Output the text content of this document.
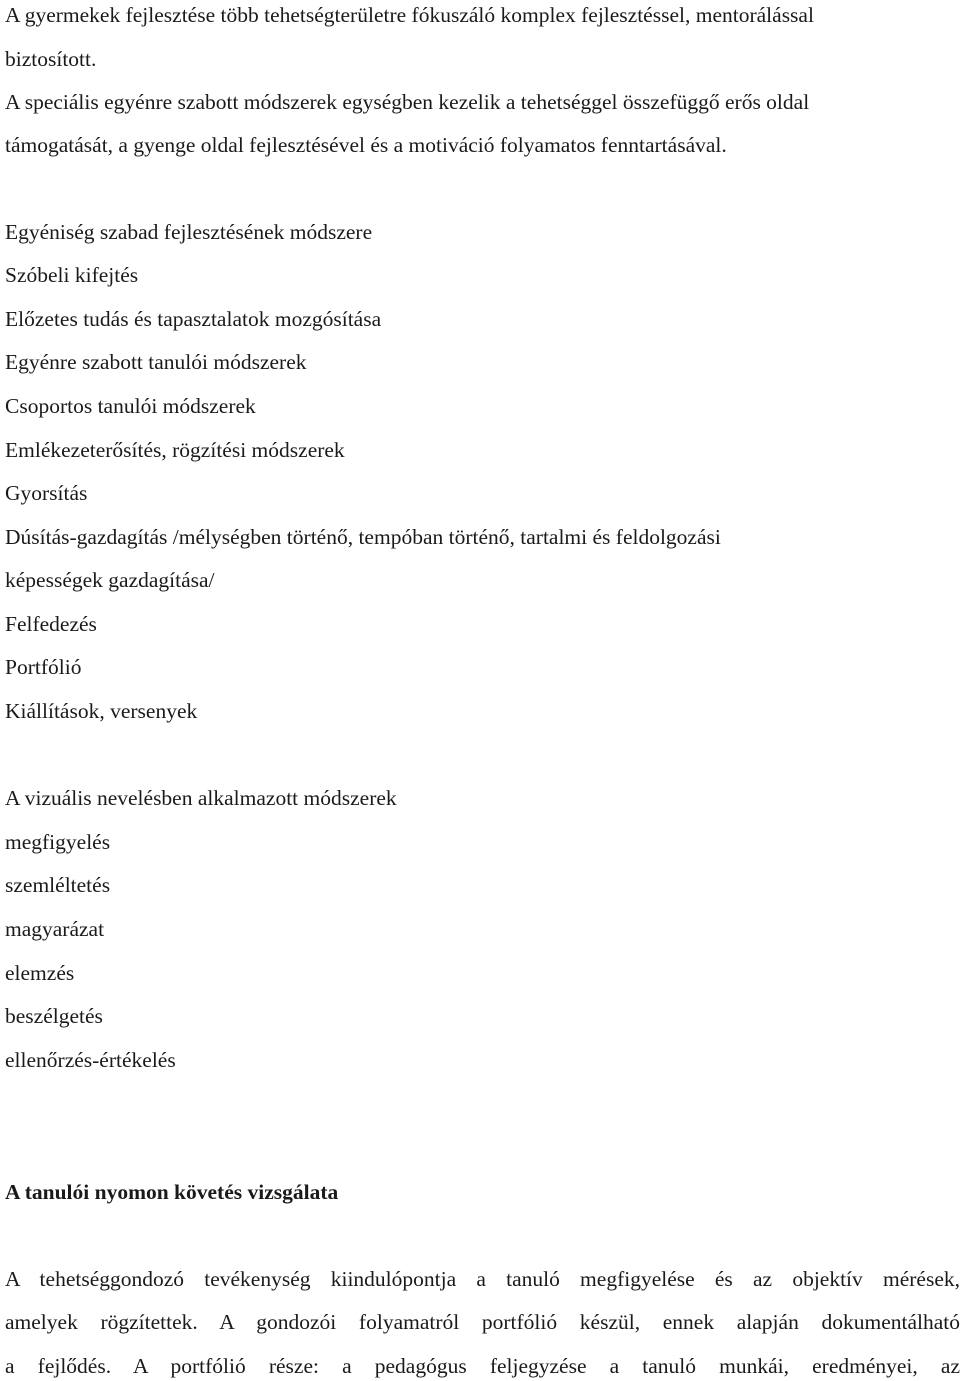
A gyermekek fejlesztése több tehetségterületre fókuszáló komplex fejlesztéssel, mentorálással
biztosított.
A speciális egyénre szabott módszerek egységben kezelik a tehetséggel összefüggő erős oldal
támogatását, a gyenge oldal fejlesztésével és a motiváció folyamatos fenntartásával.
Egyéniség szabad fejlesztésének módszere
Szóbeli kifejtés
Előzetes tudás és tapasztalatok mozgósítása
Egyénre szabott tanulói módszerek
Csoportos tanulói módszerek
Emlékezeterősítés, rögzítési módszerek
Gyorsítás
Dúsítás-gazdagítás /mélységben történő, tempóban történő, tartalmi és feldolgozási
képességek gazdagítása/
Felfedezés
Portfólió
Kiállítások, versenyek
A vizuális nevelésben alkalmazott módszerek
megfigyelés
szemléltetés
magyarázat
elemzés
beszélgetés
ellenőrzés-értékelés
A tanulói nyomon követés vizsgálata
A tehetséggondozó tevékenység kiindulópontja a tanuló megfigyelése és az objektív mérések,
amelyek rögzítettek. A gondozói folyamatról portfólió készül, ennek alapján dokumentálható
a fejlődés. A portfólió része: a pedagógus feljegyzése a tanuló munkái, eredményei, az
